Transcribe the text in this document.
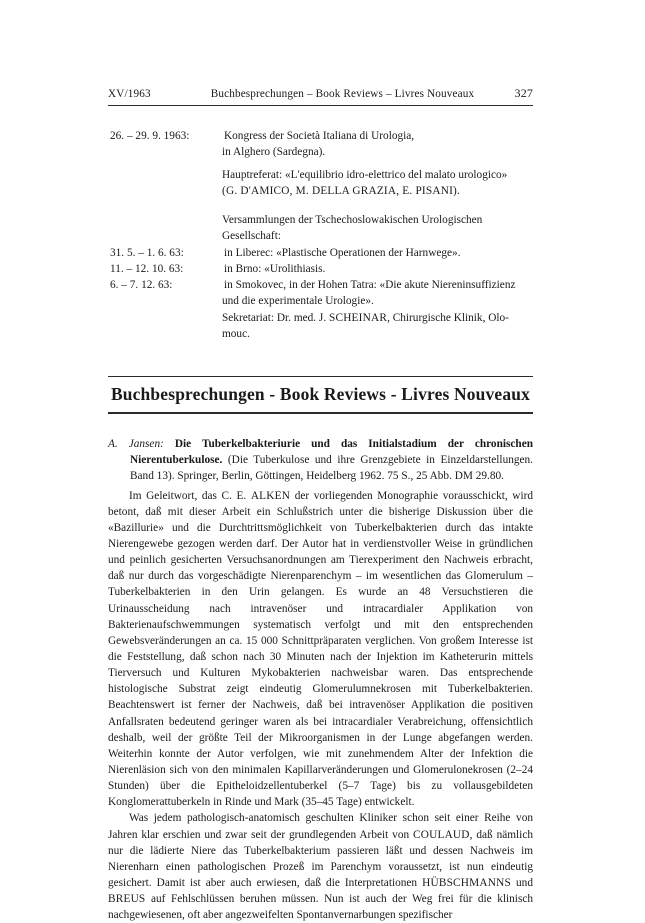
XV/1963	Buchbesprechungen – Book Reviews – Livres Nouveaux	327
26. – 29. 9. 1963:	Kongress der Società Italiana di Urologia,
in Alghero (Sardegna).
Hauptreferat: «L'equilibrio idro-elettrico del malato urologico»
(G. D'AMICO, M. DELLA GRAZIA, E. PISANI).
Versammlungen der Tschechoslowakischen Urologischen
Gesellschaft:
31. 5. – 1. 6. 63:	in Liberec: «Plastische Operationen der Harnwege».
11. – 12. 10. 63:	in Brno: «Urolithiasis.
6. – 7. 12. 63:	in Smokovec, in der Hohen Tatra: «Die akute Niereninsuffizienz
und die experimentale Urologie».
Sekretariat: Dr. med. J. SCHEINAR, Chirurgische Klinik, Olo-
mouc.
Buchbesprechungen - Book Reviews - Livres Nouveaux
A. Jansen: Die Tuberkelbakteriurie und das Initialstadium der chronischen Nierentuberkulose. (Die Tuberkulose und ihre Grenzgebiete in Einzeldarstellungen. Band 13). Springer, Berlin, Göttingen, Heidelberg 1962. 75 S., 25 Abb. DM 29.80.
Im Geleitwort, das C. E. ALKEN der vorliegenden Monographie vorausschickt, wird betont, daß mit dieser Arbeit ein Schlußstrich unter die bisherige Diskussion über die «Bazillurie» und die Durchtrittsmöglichkeit von Tuberkelbakterien durch das intakte Nierengewebe gezogen werden darf. Der Autor hat in verdienstvoller Weise in gründlichen und peinlich gesicherten Versuchsanordnungen am Tierexperiment den Nachweis erbracht, daß nur durch das vorgeschädigte Nierenparenchym – im wesentlichen das Glomerulum – Tuberkelbakterien in den Urin gelangen. Es wurde an 48 Versuchstieren die Urinausscheidung nach intravenöser und intracardialer Applikation von Bakterienaufschwemmungen systematisch verfolgt und mit den entsprechenden Gewebsveränderungen an ca. 15 000 Schnittpräparaten verglichen. Von großem Interesse ist die Feststellung, daß schon nach 30 Minuten nach der Injektion im Katheterurin mittels Tierversuch und Kulturen Mykobakterien nachweisbar waren. Das entsprechende histologische Substrat zeigt eindeutig Glomerulumnekrosen mit Tuberkelbakterien. Beachtenswert ist ferner der Nachweis, daß bei intravenöser Applikation die positiven Anfallsraten bedeutend geringer waren als bei intracardialer Verabreichung, offensichtlich deshalb, weil der größte Teil der Mikroorganismen in der Lunge abgefangen werden. Weiterhin konnte der Autor verfolgen, wie mit zunehmendem Alter der Infektion die Nierenläsion sich von den minimalen Kapillarveränderungen und Glomerulonekrosen (2–24 Stunden) über die Epitheloidzellentuberkel (5–7 Tage) bis zu vollausgebildeten Konglomerattuberkeln in Rinde und Mark (35–45 Tage) entwickelt.
Was jedem pathologisch-anatomisch geschulten Kliniker schon seit einer Reihe von Jahren klar erschien und zwar seit der grundlegenden Arbeit von COULAUD, daß nämlich nur die lädierte Niere das Tuberkelbakterium passieren läßt und dessen Nachweis im Nierenharn einen pathologischen Prozeß im Parenchym voraussetzt, ist nun eindeutig gesichert. Damit ist aber auch erwiesen, daß die Interpretationen HÜBSCHMANNS und BREUS auf Fehlschlüssen beruhen müssen. Nun ist auch der Weg frei für die klinisch nachgewiesenen, oft aber angezweifelten Spontanvernarbungen spezifischer
